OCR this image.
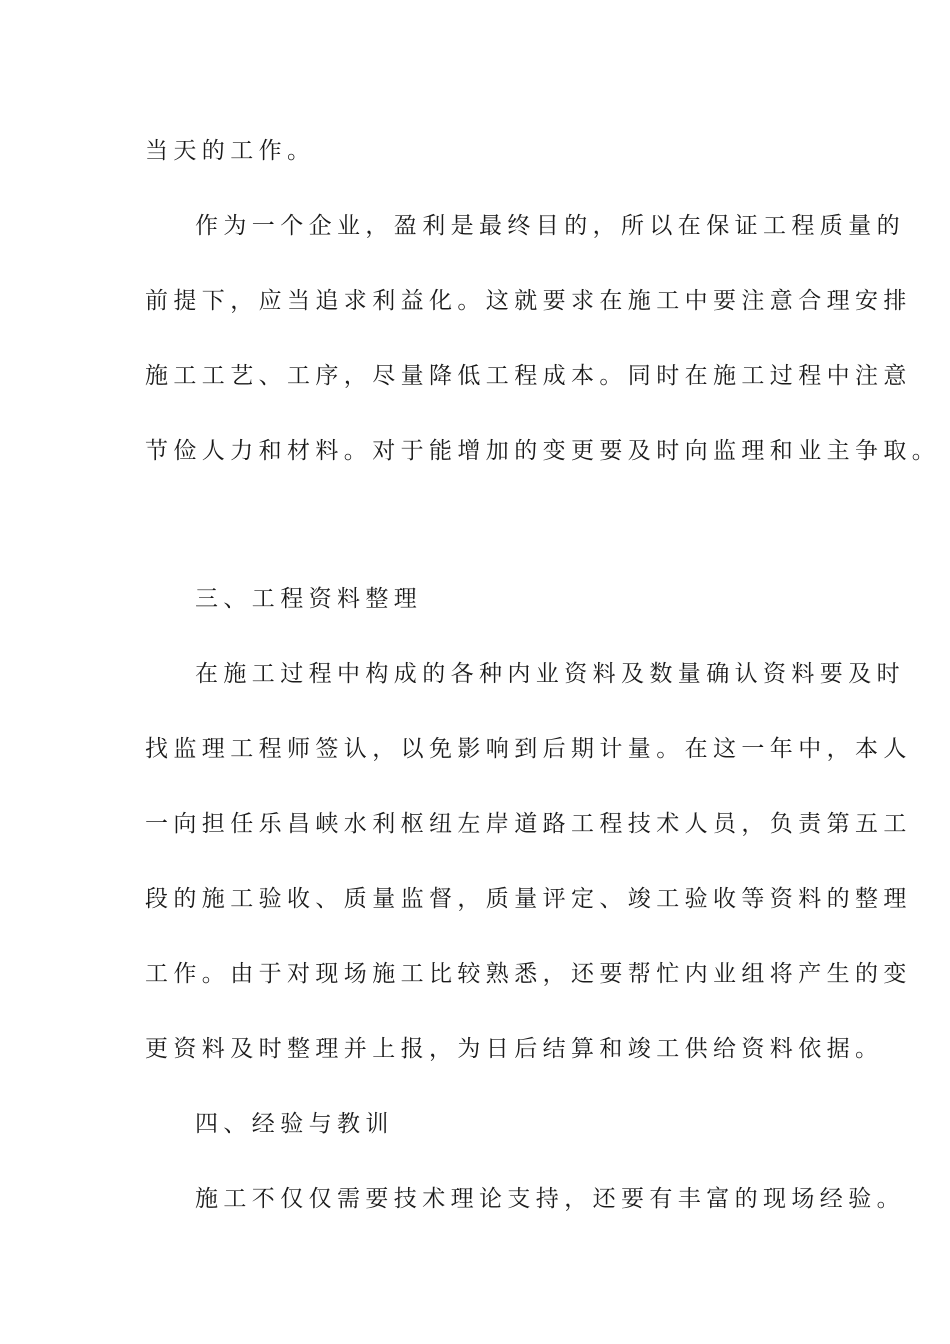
当天的工作。
作为一个企业，盈利是最终目的，所以在保证工程质量的
前提下，应当追求利益化。这就要求在施工中要注意合理安排
施工工艺、工序，尽量降低工程成本。同时在施工过程中注意
节俭人力和材料。对于能增加的变更要及时向监理和业主争取。
三、工程资料整理
在施工过程中构成的各种内业资料及数量确认资料要及时
找监理工程师签认，以免影响到后期计量。在这一年中，本人
一向担任乐昌峡水利枢纽左岸道路工程技术人员，负责第五工
段的施工验收、质量监督，质量评定、竣工验收等资料的整理
工作。由于对现场施工比较熟悉，还要帮忙内业组将产生的变
更资料及时整理并上报，为日后结算和竣工供给资料依据。
四、经验与教训
施工不仅仅需要技术理论支持，还要有丰富的现场经验。
